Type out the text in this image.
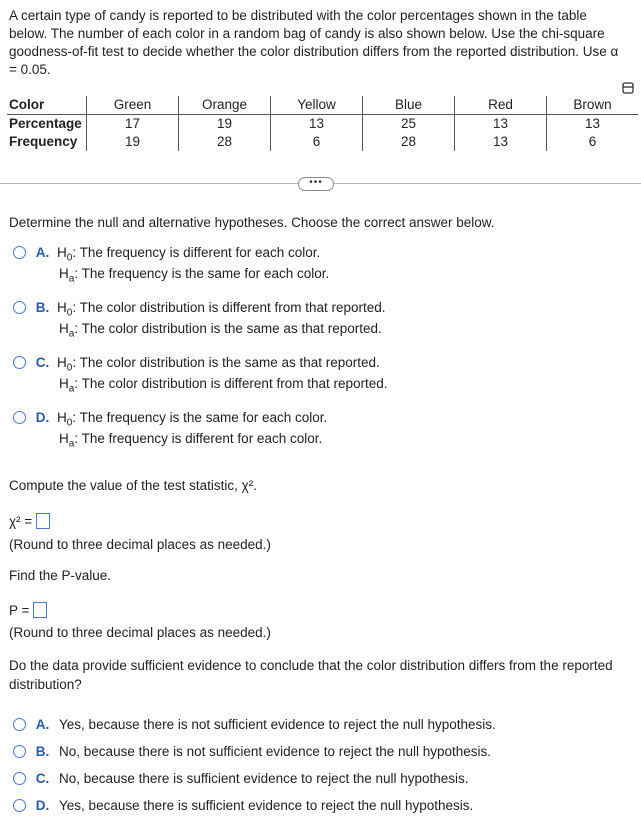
A certain type of candy is reported to be distributed with the color percentages shown in the table below. The number of each color in a random bag of candy is also shown below. Use the chi-square goodness-of-fit test to decide whether the color distribution differs from the reported distribution. Use α = 0.05.
Color	Green	Orange	Yellow	Blue	Red	Brown
Percentage	17	19	13	25	13	13
Frequency	19	28	6	28	13	6
•••
Determine the null and alternative hypotheses. Choose the correct answer below.
A. $H_0$: The frequency is different for each color.
$H_a$: The frequency is the same for each color.
B. $H_0$: The color distribution is different from that reported.
$H_a$: The color distribution is the same as that reported.
C. $H_0$: The color distribution is the same as that reported.
$H_a$: The color distribution is different from that reported.
D. $H_0$: The frequency is the same for each color.
$H_a$: The frequency is different for each color.
Compute the value of the test statistic, χ².
χ² =
(Round to three decimal places as needed.)
Find the P-value.
P =
(Round to three decimal places as needed.)
Do the data provide sufficient evidence to conclude that the color distribution differs from the reported distribution?
A. Yes, because there is not sufficient evidence to reject the null hypothesis.
B. No, because there is not sufficient evidence to reject the null hypothesis.
C. No, because there is sufficient evidence to reject the null hypothesis.
D. Yes, because there is sufficient evidence to reject the null hypothesis.
